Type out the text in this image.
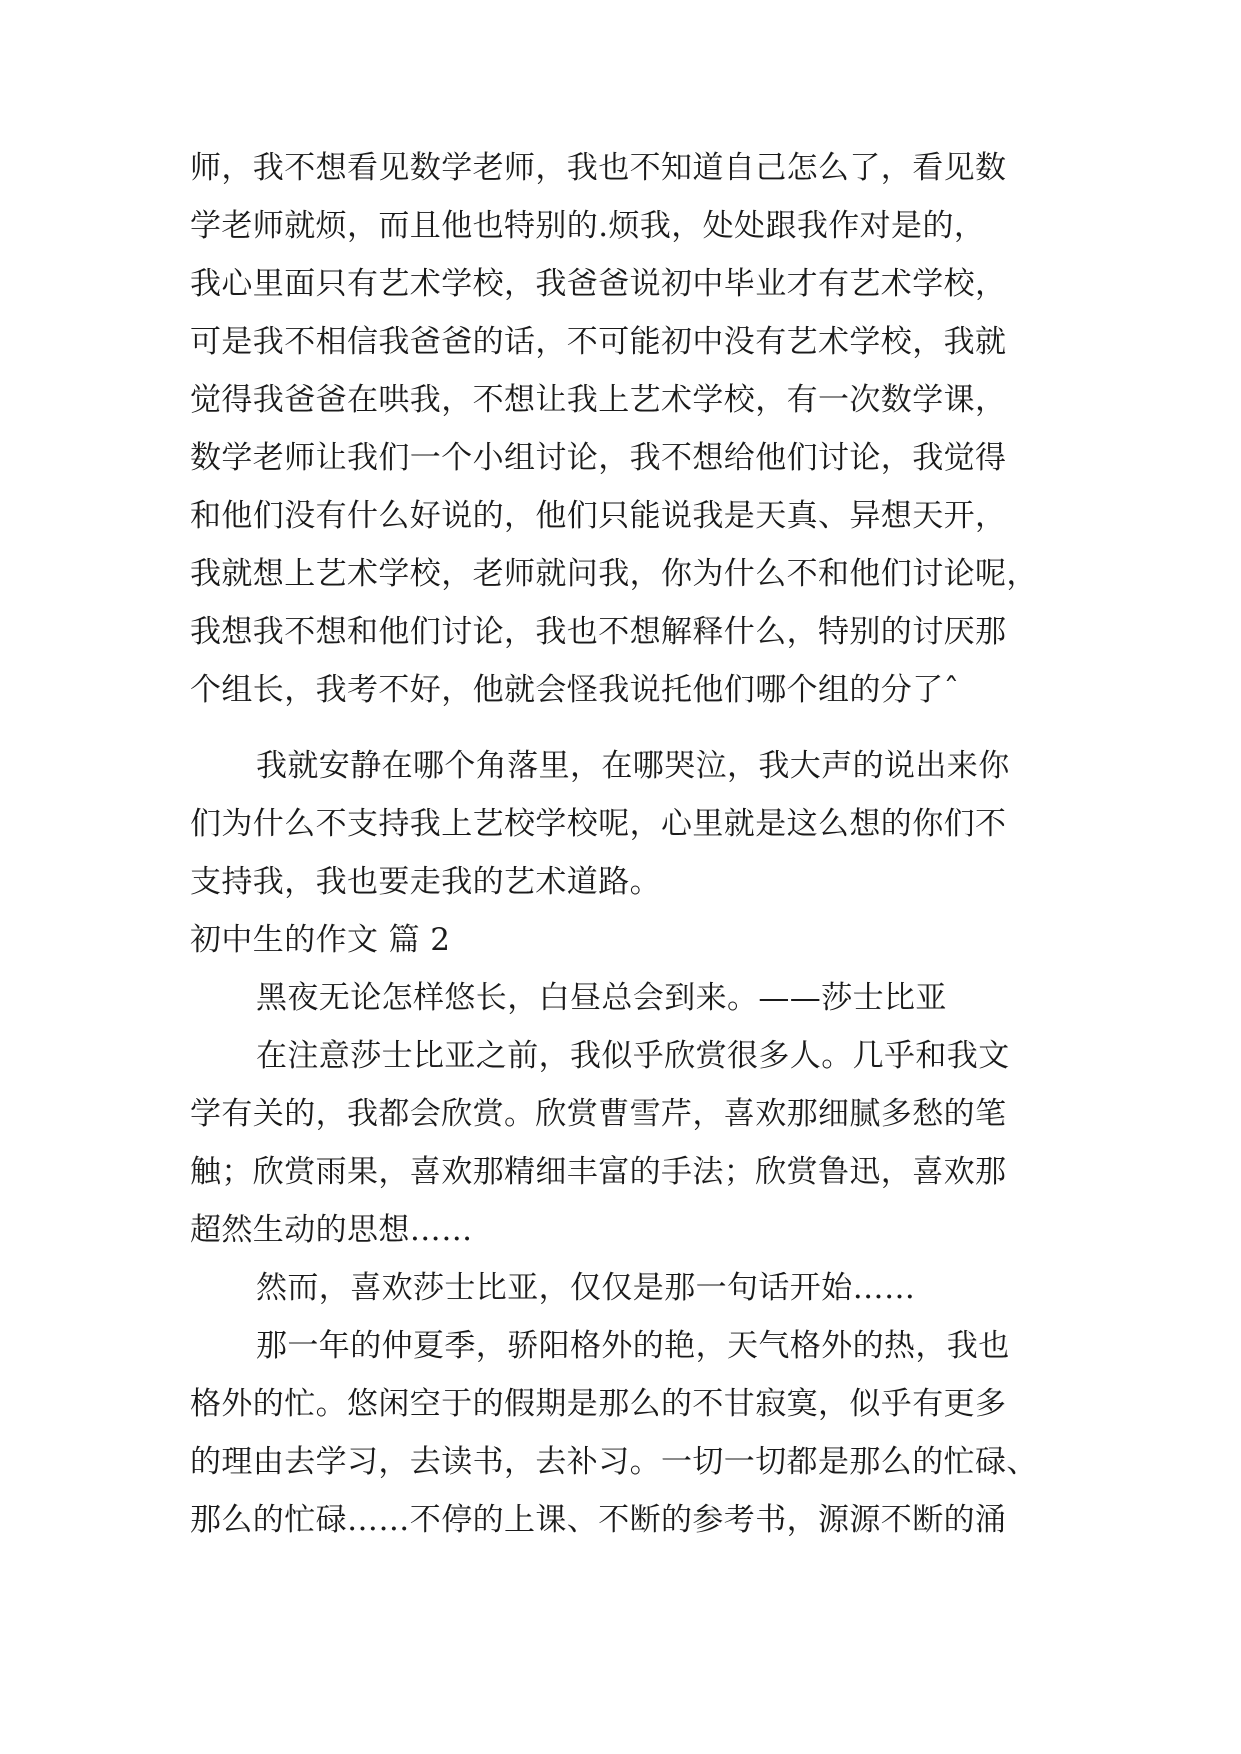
师，我不想看见数学老师，我也不知道自己怎么了，看见数
学老师就烦，而且他也特别的.烦我，处处跟我作对是的，
我心里面只有艺术学校，我爸爸说初中毕业才有艺术学校，
可是我不相信我爸爸的话，不可能初中没有艺术学校，我就
觉得我爸爸在哄我，不想让我上艺术学校，有一次数学课，
数学老师让我们一个小组讨论，我不想给他们讨论，我觉得
和他们没有什么好说的，他们只能说我是天真、异想天开，
我就想上艺术学校，老师就问我，你为什么不和他们讨论呢，
我想我不想和他们讨论，我也不想解释什么，特别的讨厌那
个组长，我考不好，他就会怪我说托他们哪个组的分了ˆ
我就安静在哪个角落里，在哪哭泣，我大声的说出来你
们为什么不支持我上艺校学校呢，心里就是这么想的你们不
支持我，我也要走我的艺术道路。
初中生的作文 篇 2
黑夜无论怎样悠长，白昼总会到来。——莎士比亚
在注意莎士比亚之前，我似乎欣赏很多人。几乎和我文
学有关的，我都会欣赏。欣赏曹雪芹，喜欢那细腻多愁的笔
触；欣赏雨果，喜欢那精细丰富的手法；欣赏鲁迅，喜欢那
超然生动的思想……
然而，喜欢莎士比亚，仅仅是那一句话开始……
那一年的仲夏季，骄阳格外的艳，天气格外的热，我也
格外的忙。悠闲空于的假期是那么的不甘寂寞，似乎有更多
的理由去学习，去读书，去补习。一切一切都是那么的忙碌、
那么的忙碌……不停的上课、不断的参考书，源源不断的涌
